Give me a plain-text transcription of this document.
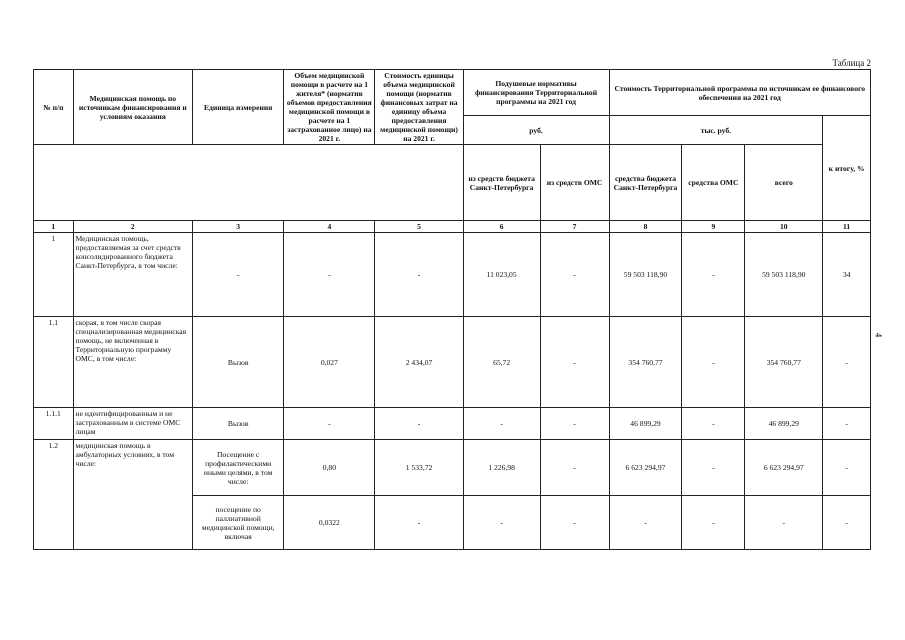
Таблица 2
4
№ п/п	Медицинская помощь по источникам финансирования и условиям оказания	Единица измерения	Объем медицинской помощи в расчете на 1 жителя* (норматив объемов предоставления медицинской помощи в расчете на 1 застрахованное лицо) на 2021 г.	Стоимость единицы объема медицинской помощи (норматив финансовых затрат на единицу объема предоставления медицинской помощи) на 2021 г.	Подушевые нормативы финансирования Территориальной программы на 2021 год		Стоимость Территориальной программы по источникам ее финансового обеспечения на 2021 год			
					руб.		тыс. руб.			к итогу, %
					из средств бюджета Санкт-Петербурга	из средств ОМС	средства бюджета Санкт-Петербурга	средства ОМС	всего	
1	2	3	4	5	6	7	8	9	10	11
1	Медицинская помощь, предоставляемая за счет средств консолидированного бюджета Санкт-Петербурга, в том числе:	-	-	-	11 023,05	-	59 503 118,90	-	59 503 118,90	34
1.1	скорая, в том числе скорая специализированная медицинская помощь, не включенная в Территориальную программу ОМС, в том числе:	Вызов	0,027	2 434,07	65,72	-	354 760,77	-	354 760,77	-
1.1.1	не идентифицированным и не застрахованным в системе ОМС лицам	Вызов	-	-	-	-	46 899,29	-	46 899,29	-
1.2	медицинская помощь в амбулаторных условиях, в том числе:	Посещение с профилактическими иными целями, в том числе:	0,80	1 533,72	1 226,98	-	6 623 294,97	-	6 623 294,97	-
		посещение по паллиативной медицинской помощи, включая	0,0322	-	-	-	-	-	-	-
